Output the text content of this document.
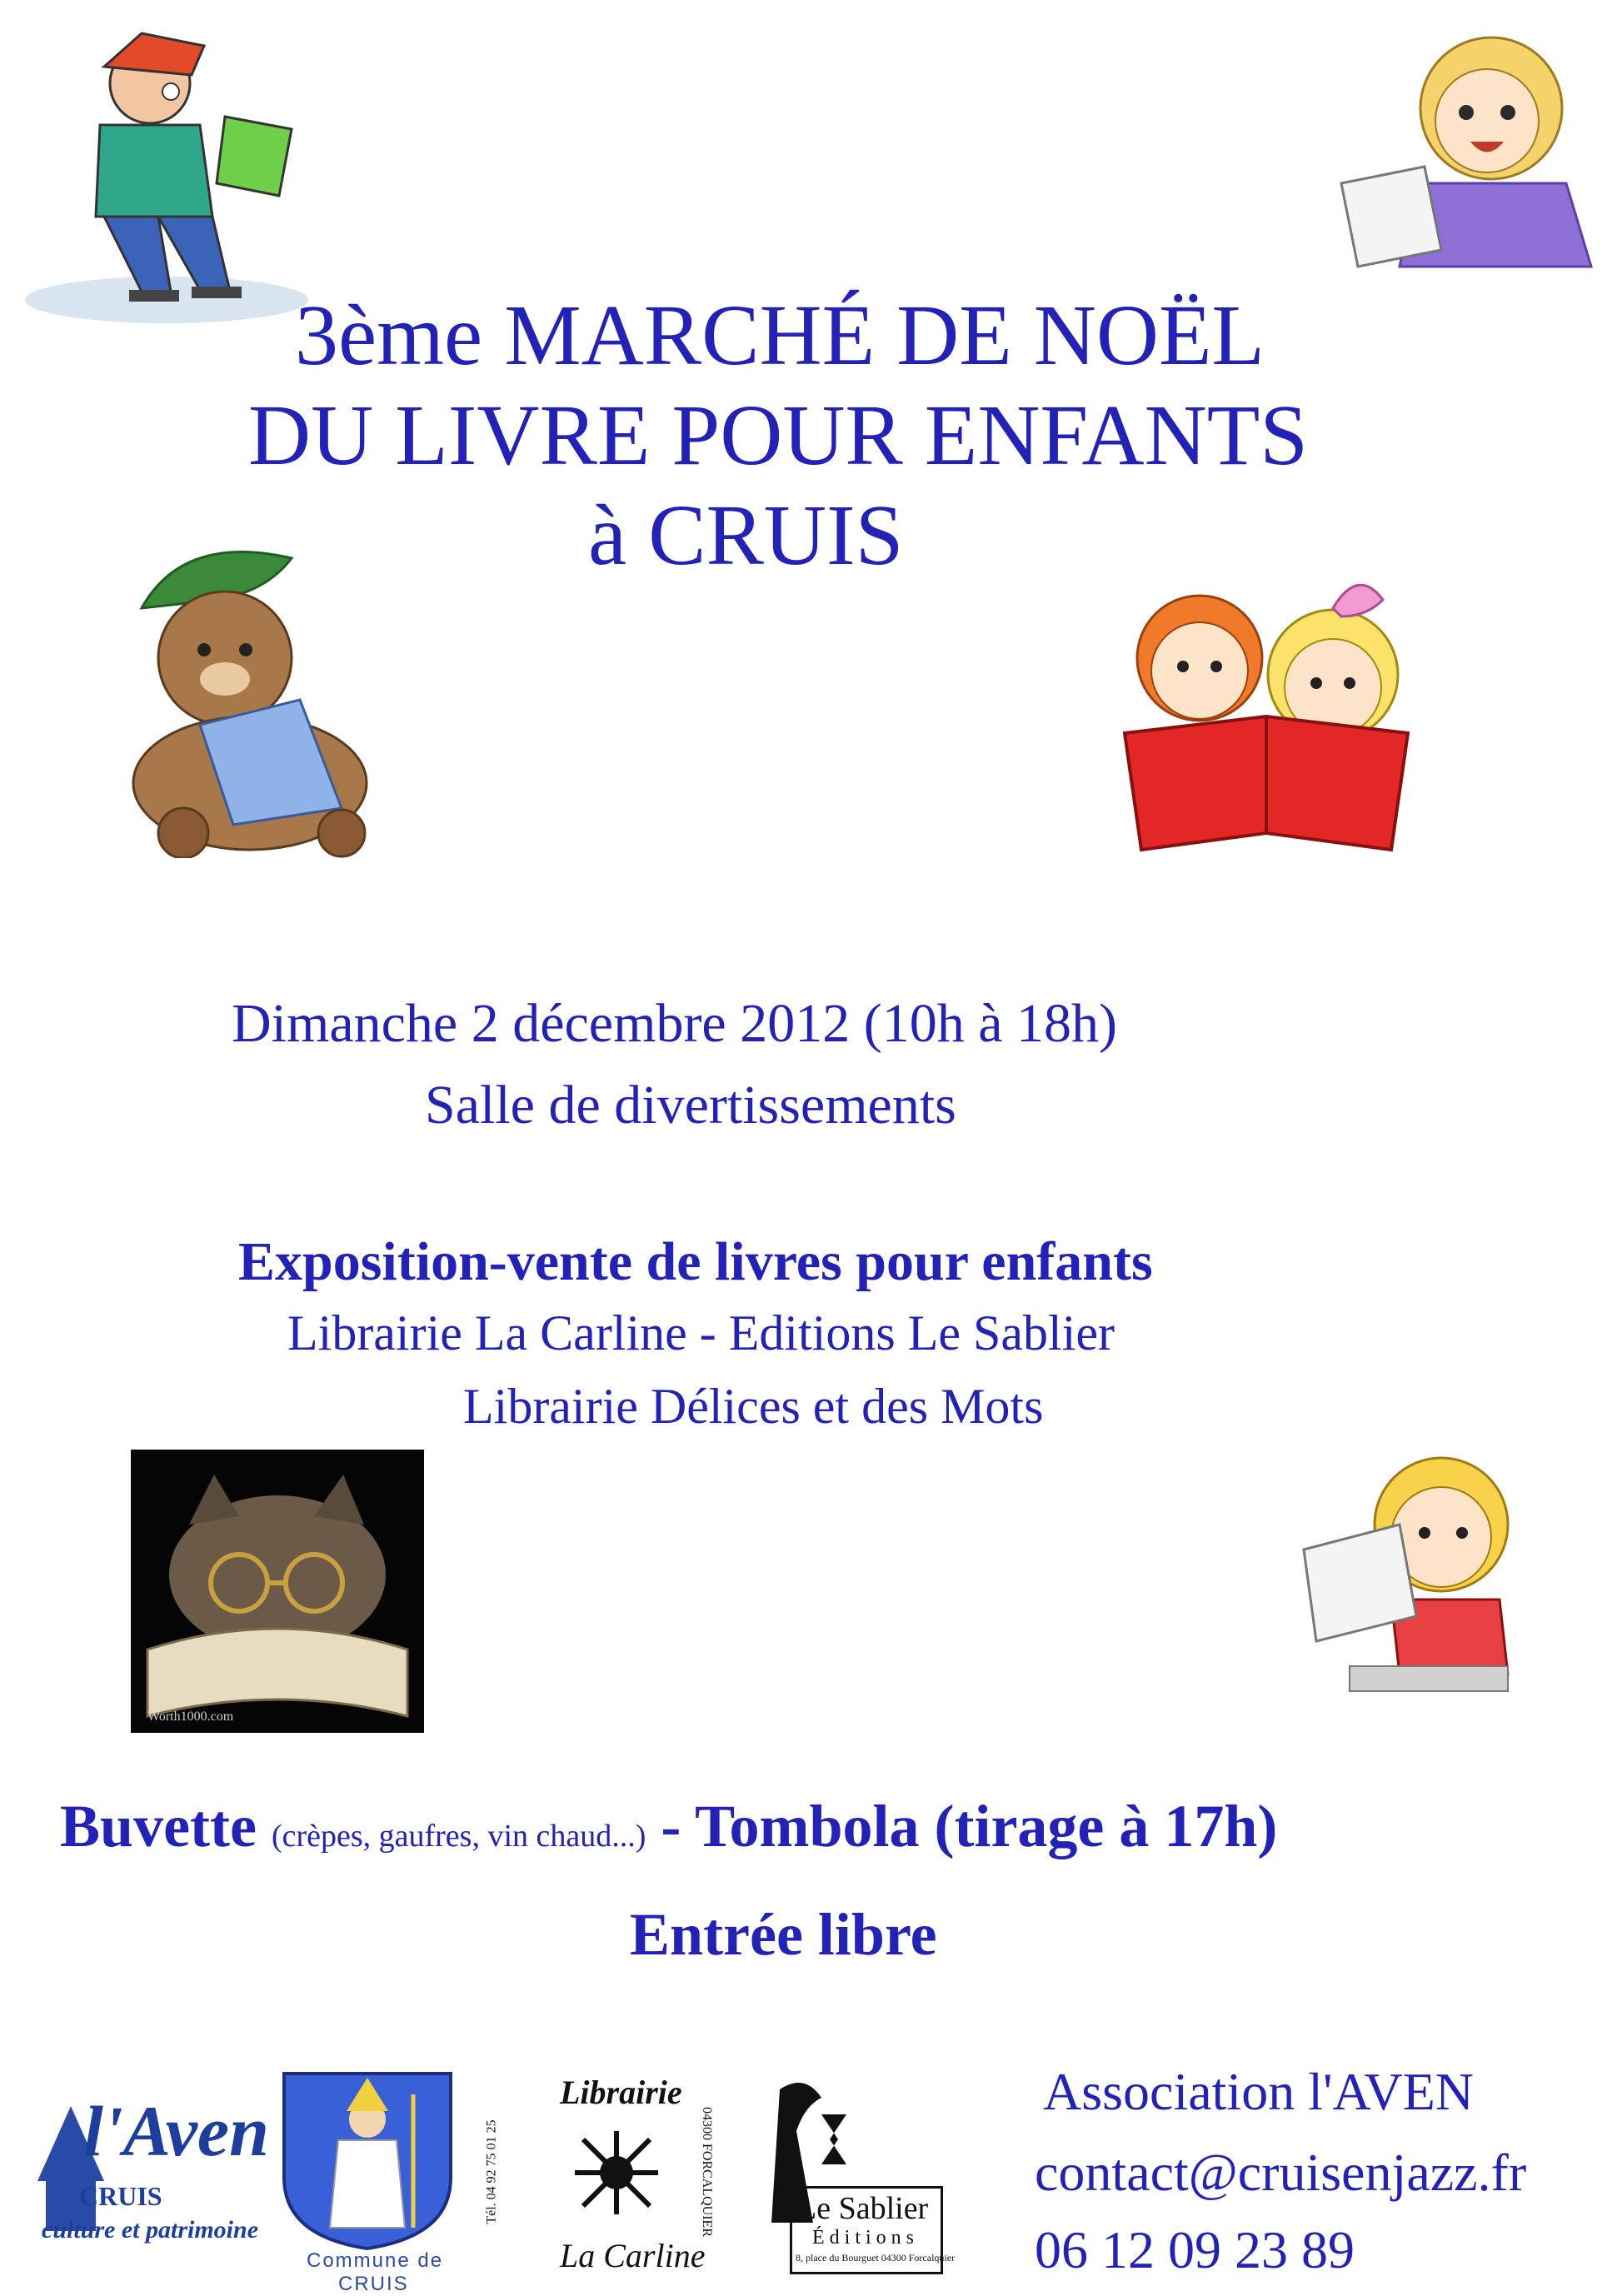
3ème MARCHÉ DE NOËL
DU LIVRE POUR ENFANTS
à CRUIS
Dimanche 2 décembre 2012 (10h à 18h)
Salle de divertissements
Exposition-vente de livres pour enfants
Librairie La Carline - Editions Le Sablier
Librairie Délices et des Mots
Worth1000.com
Buvette (crèpes, gaufres, vin chaud...) - Tombola (tirage à 17h)
Entrée libre
l'Aven
CRUIS
culture et patrimoine
Commune de
CRUIS
Librairie
La Carline
Tél. 04 92 75 01 25	04300 FORCALQUIER	Le Sablier
Éditions
8, place du Bourguet 04300 Forcalquier
Association l'AVEN
contact@cruisenjazz.fr
06 12 09 23 89
